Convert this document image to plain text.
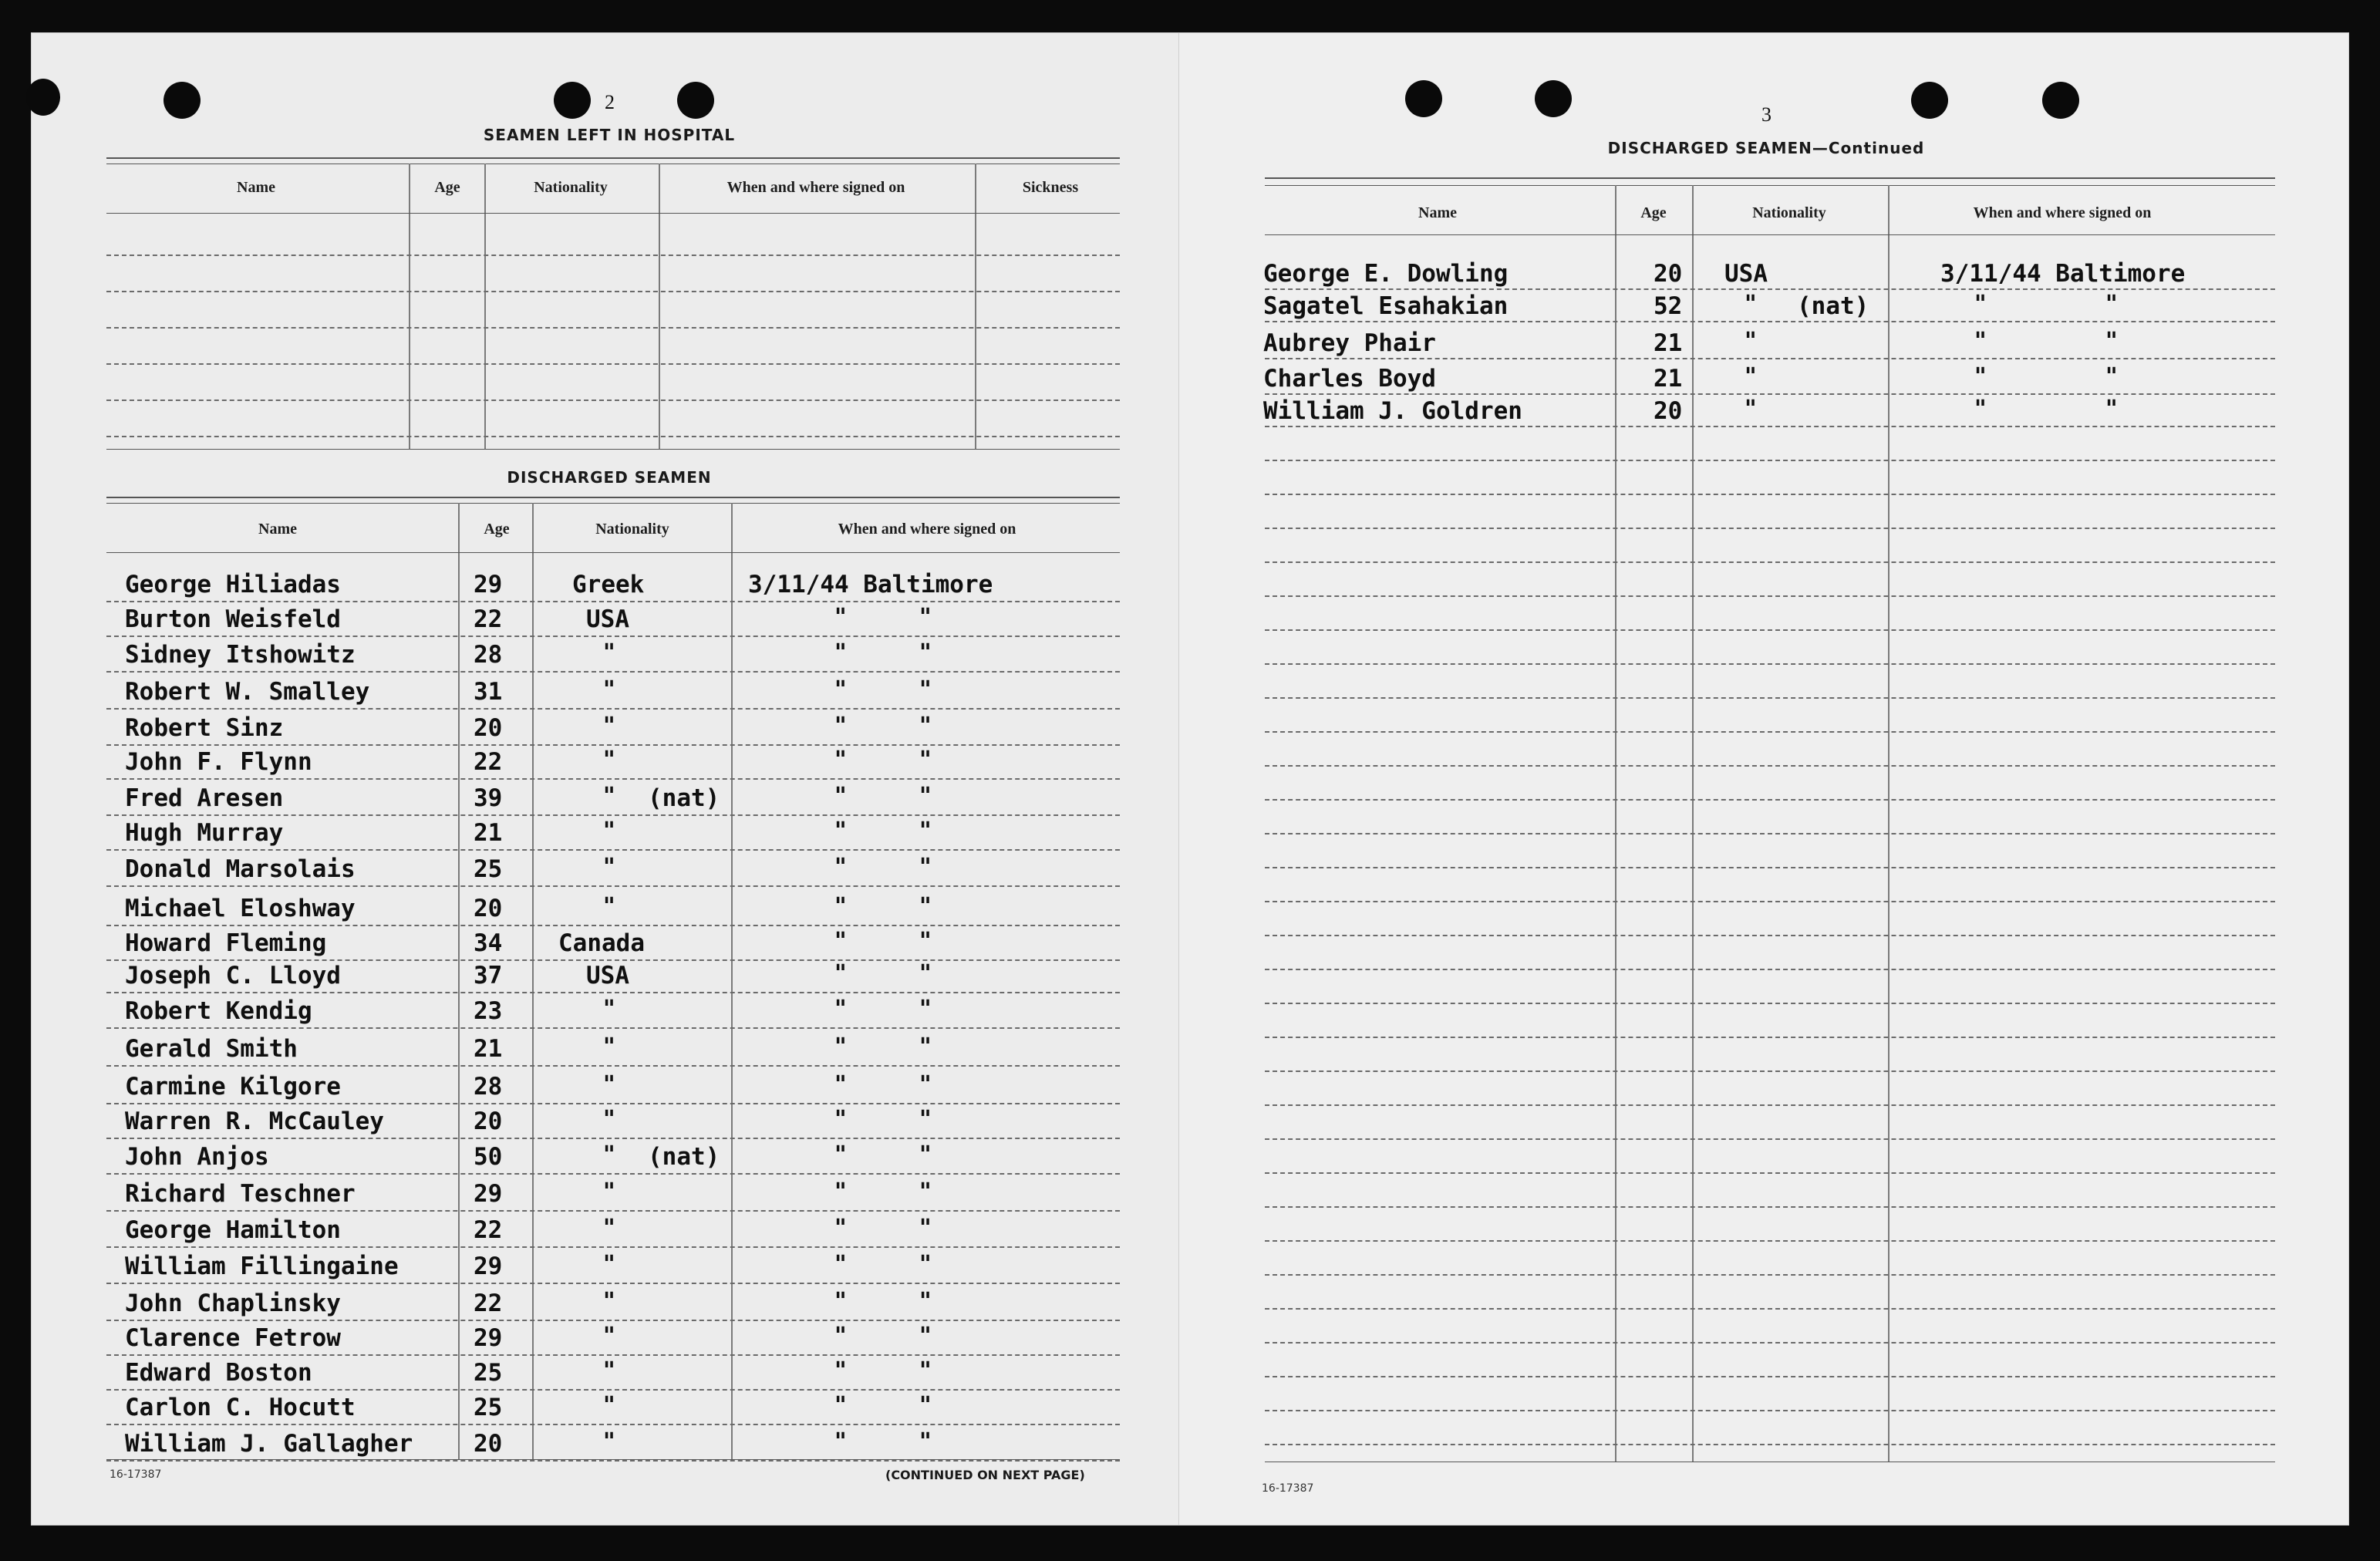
2
SEAMEN LEFT IN HOSPITAL
Name	Age	Nationality	When and where signed on	Sickness
DISCHARGED SEAMEN
Name	Age	Nationality	When and where signed on
George Hiliadas	29	Greek	3/11/44 Baltimore
Burton Weisfeld	22	USA	"	"
Sidney Itshowitz	28	"	"	"
Robert W. Smalley	31	"	"	"
Robert Sinz	20	"	"	"
John F. Flynn	22	"	"	"
Fred Aresen	39	" (nat)	"	"
Hugh Murray	21	"	"	"
Donald Marsolais	25	"	"	"
Michael Eloshway	20	"	"	"
Howard Fleming	34 Canada	"	"
Joseph C. Lloyd	37	USA	"	"
Robert Kendig	23	"	"	"
Gerald Smith	21	"	"	"
Carmine Kilgore	28	"	"	"
Warren R. McCauley	20	"	"	"
John Anjos	50	" (nat)	"	"
Richard Teschner	29	"	"	"
George Hamilton	22	"	"	"
William Fillingaine	29	"	"	"
John Chaplinsky	22	"	"	"
Clarence Fetrow	29	"	"	"
Edward Boston	25	"	"	"
Carlon C. Hocutt	25	"	"	"
William J. Gallagher	20	"	"	"
16-17387	(CONTINUED ON NEXT PAGE)
3
DISCHARGED SEAMEN—Continued
Name	Age	Nationality	When and where signed on
George E. Dowling	20 USA	3/11/44 Baltimore
Sagatel Esahakian	52	" (nat)	"	"
Aubrey Phair	21	"	"	"
Charles Boyd	21	"	"	"
William J. Goldren	20	"	"	"
16-17387
